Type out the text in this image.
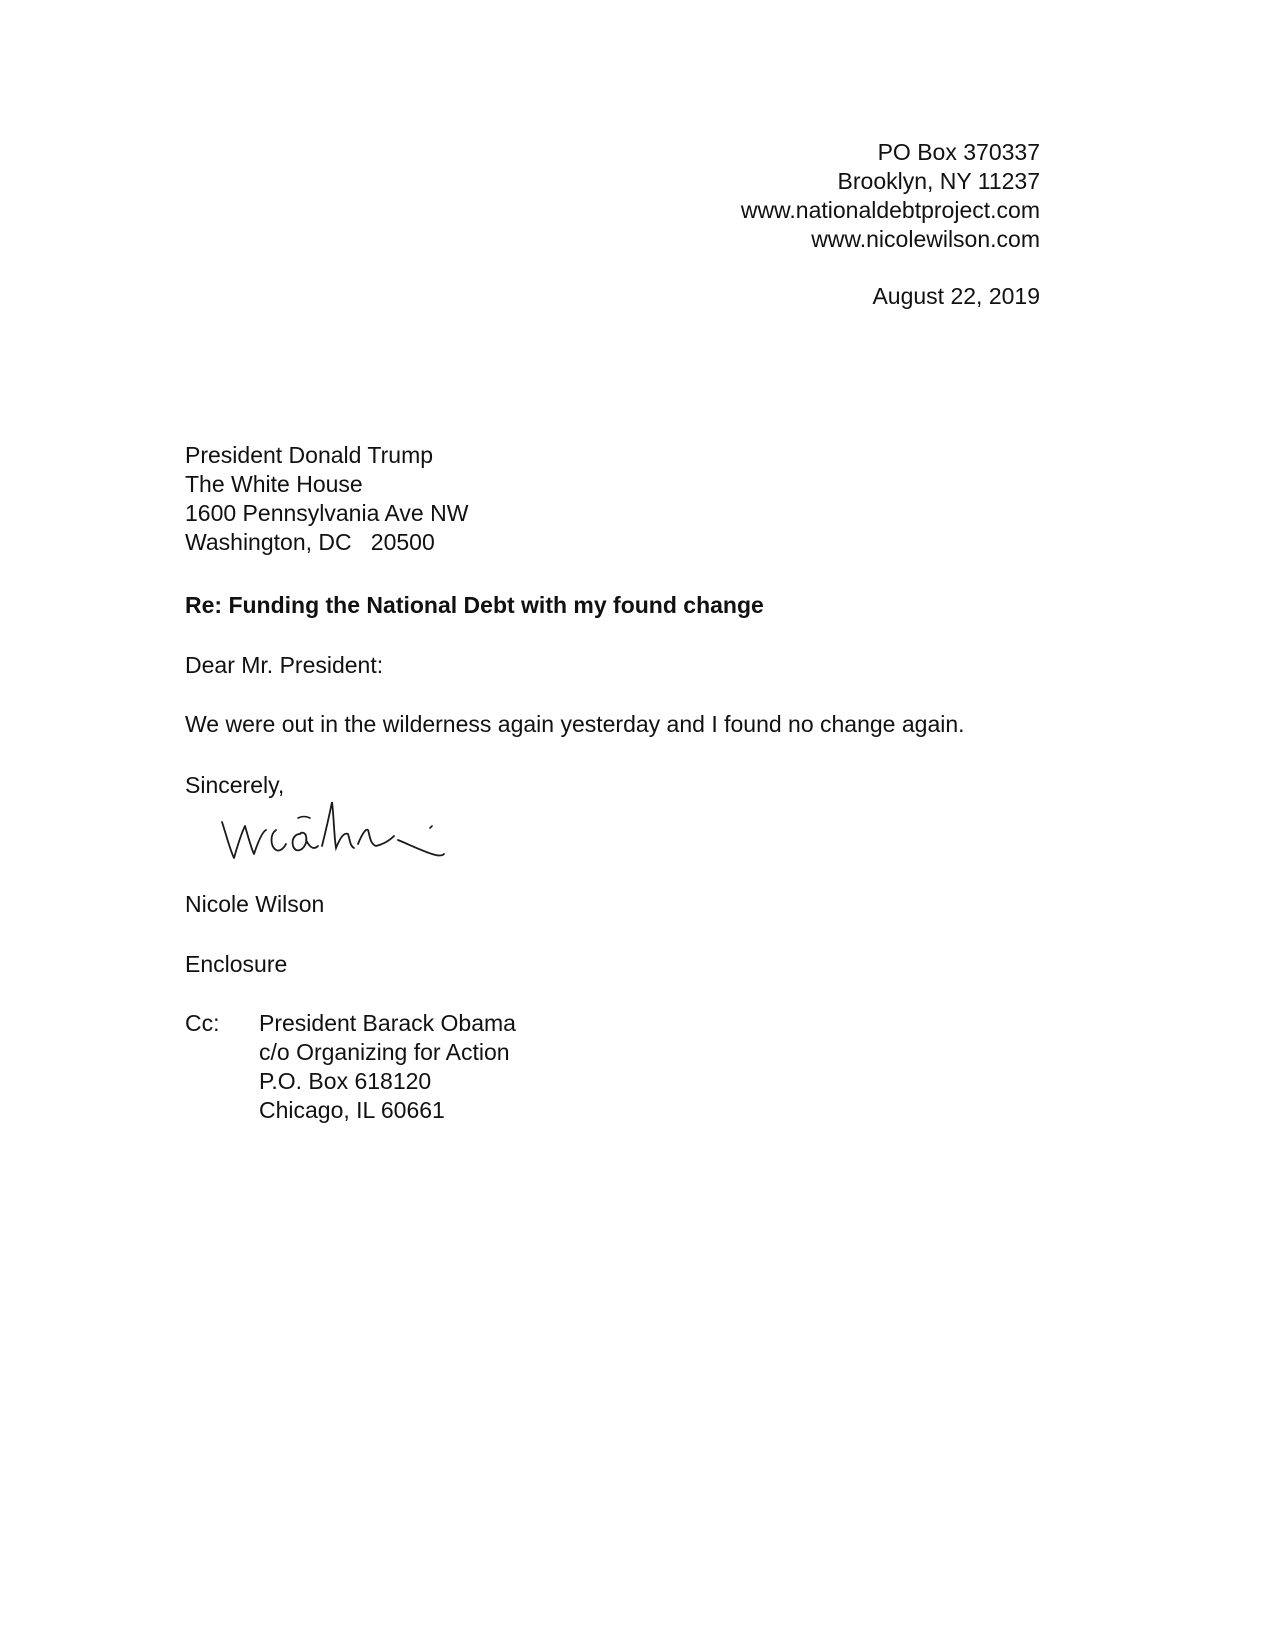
PO Box 370337
Brooklyn, NY 11237
www.nationaldebtproject.com
www.nicolewilson.com
August 22, 2019
President Donald Trump
The White House
1600 Pennsylvania Ave NW
Washington, DC   20500
Re: Funding the National Debt with my found change
Dear Mr. President:
We were out in the wilderness again yesterday and I found no change again.
Sincerely,
Nicole Wilson
Enclosure
Cc: President Barack Obama
c/o Organizing for Action
P.O. Box 618120
Chicago, IL 60661
